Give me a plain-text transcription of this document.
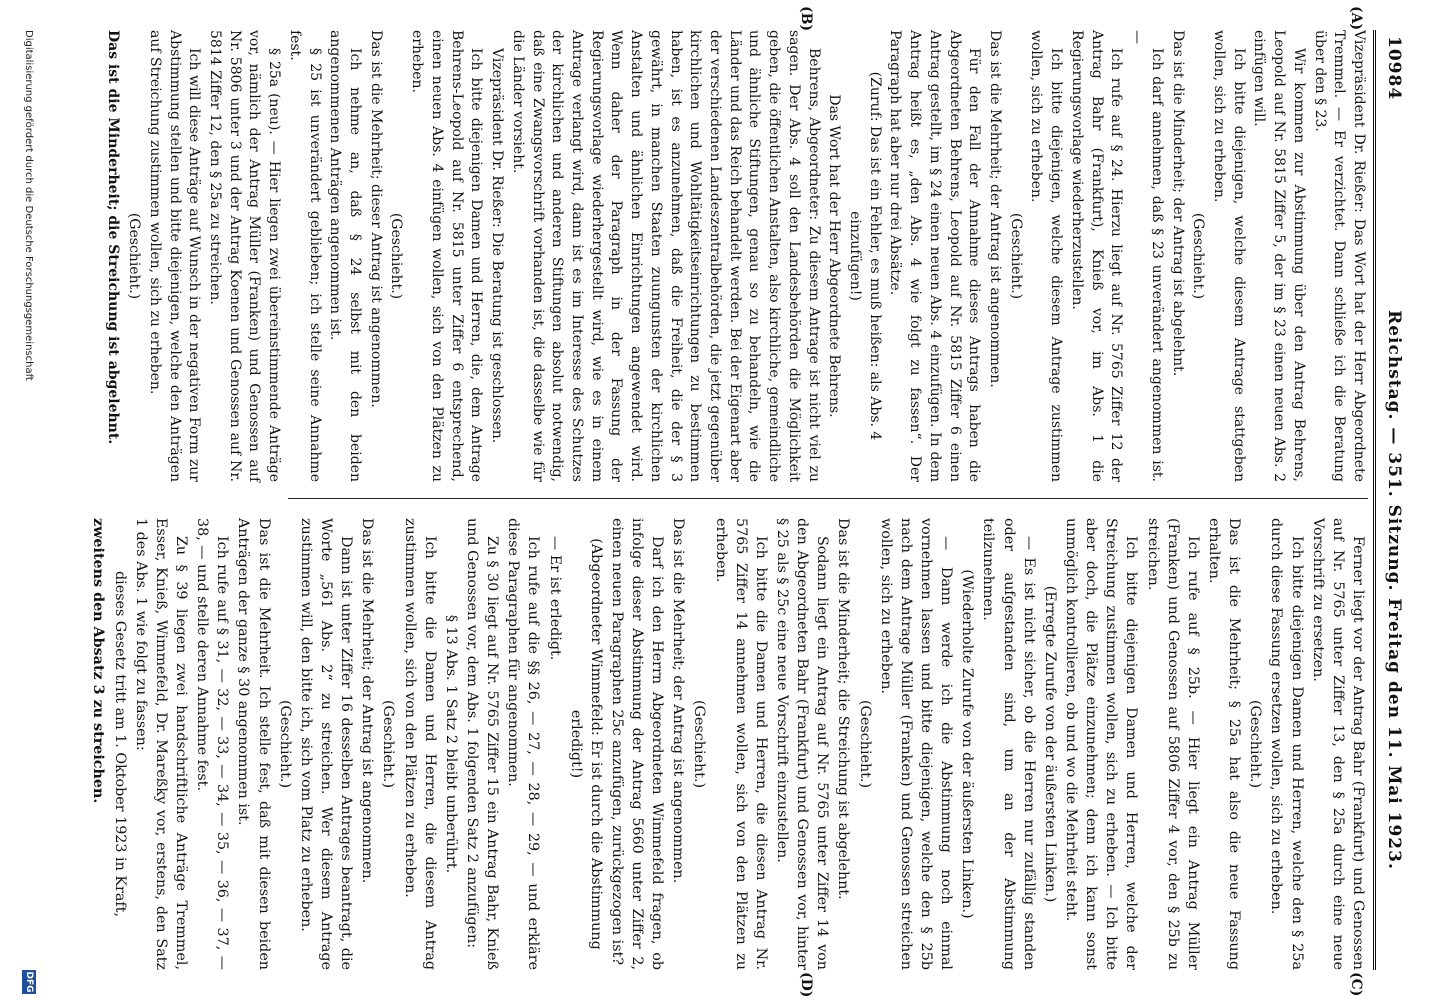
10984
Reichstag. — 351. Sitzung. Freitag den 11. Mai 1923.
(A)
(B)
(C)
(D)

Vizepräsident Dr. Rießer: Das Wort hat der Herr Abgeordnete Tremmel. — Er verzichtet. Dann schließe ich die Beratung über den § 23.

Wir kommen zur Abstimmung über den Antrag Behrens, Leopold auf Nr. 5815 Ziffer 5, der im § 23 einen neuen Abs. 2 einfügen will.

Ich bitte diejenigen, welche diesem Antrage stattgeben wollen, sich zu erheben.

(Geschieht.)

Das ist die Minderheit; der Antrag ist abgelehnt.

Ich darf annehmen, daß § 23 unverändert angenommen ist. —

Ich rufe auf § 24. Hierzu liegt auf Nr. 5765 Ziffer 12 der Antrag Bahr (Frankfurt), Knieß vor, im Abs. 1 die Regierungsvorlage wiederherzustellen.

Ich bitte diejenigen, welche diesem Antrage zustimmen wollen, sich zu erheben.

(Geschieht.)

Das ist die Mehrheit; der Antrag ist angenommen.

Für den Fall der Annahme dieses Antrags haben die Abgeordneten Behrens, Leopold auf Nr. 5815 Ziffer 6 einen Antrag gestellt, im § 24 einen neuen Abs. 4 einzufügen. In dem Antrag heißt es, „den Abs. 4 wie folgt zu fassen“. Der Paragraph hat aber nur drei Absätze.

(Zuruf: Das ist ein Fehler, es muß heißen: als Abs. 4 einzufügen!)

Das Wort hat der Herr Abgeordnete Behrens.

Behrens, Abgeordneter: Zu diesem Antrage ist nicht viel zu sagen. Der Abs. 4 soll den Landesbehörden die Möglichkeit geben, die öffentlichen Anstalten, also kirchliche, gemeindliche und ähnliche Stiftungen, genau so zu behandeln, wie die Länder und das Reich behandelt werden. Bei der Eigenart aber der verschiedenen Landeszentralbehörden, die jetzt gegenüber kirchlichen und Wohltätigkeitseinrichtungen zu bestimmen haben, ist es anzunehmen, daß die Freiheit, die der § 3 gewährt, in manchen Staaten zuungunsten der kirchlichen Anstalten und ähnlichen Einrichtungen angewendet wird. Wenn daher der Paragraph in der Fassung der Regierungsvorlage wiederhergestellt wird, wie es in einem Antrage verlangt wird, dann ist es im Interesse des Schutzes der kirchlichen und anderen Stiftungen absolut notwendig, daß eine Zwangsvorschrift vorhanden ist, die dasselbe wie für die Länder vorsieht.

Vizepräsident Dr. Rießer: Die Beratung ist geschlossen.

Ich bitte diejenigen Damen und Herren, die, dem Antrage Behrens-Leopold auf Nr. 5815 unter Ziffer 6 entsprechend, einen neuen Abs. 4 einfügen wollen, sich von den Plätzen zu erheben.

(Geschieht.)

Das ist die Mehrheit; dieser Antrag ist angenommen.

Ich nehme an, daß § 24 selbst mit den beiden angenommenen Anträgen angenommen ist.

§ 25 ist unverändert geblieben; ich stelle seine Annahme fest.

§ 25a (neu). — Hier liegen zwei übereinstimmende Anträge vor, nämlich der Antrag Müller (Franken) und Genossen auf Nr. 5806 unter 3 und der Antrag Koenen und Genossen auf Nr. 5814 Ziffer 12, den § 25a zu streichen.

Ich will diese Anträge auf Wunsch in der negativen Form zur Abstimmung stellen und bitte diejenigen, welche den Anträgen auf Streichung zustimmen wollen, sich zu erheben.

(Geschieht.)

Das ist die Minderheit; die Streichung ist abgelehnt.

Ferner liegt vor der Antrag Bahr (Frankfurt) und Genossen auf Nr. 5765 unter Ziffer 13, den § 25a durch eine neue Vorschrift zu ersetzen.

Ich bitte diejenigen Damen und Herren, welche den § 25a durch diese Fassung ersetzen wollen, sich zu erheben.

(Geschieht.)

Das ist die Mehrheit; § 25a hat also die neue Fassung erhalten.

Ich rufe auf § 25b. — Hier liegt ein Antrag Müller (Franken) und Genossen auf 5806 Ziffer 4 vor, den § 25b zu streichen.

Ich bitte diejenigen Damen und Herren, welche der Streichung zustimmen wollen, sich zu erheben. — Ich bitte aber doch, die Plätze einzunehmen; denn ich kann sonst unmöglich kontrollieren, ob und wo die Mehrheit steht.

(Erregte Zurufe von der äußersten Linken.)

— Es ist nicht sicher, ob die Herren nur zufällig standen oder aufgestanden sind, um an der Abstimmung teilzunehmen.

(Wiederholte Zurufe von der äußersten Linken.)

— Dann werde ich die Abstimmung noch einmal vornehmen lassen und bitte diejenigen, welche den § 25b nach dem Antrage Müller (Franken) und Genossen streichen wollen, sich zu erheben.

(Geschieht.)

Das ist die Minderheit; die Streichung ist abgelehnt.

Sodann liegt ein Antrag auf Nr. 5765 unter Ziffer 14 von den Abgeordneten Bahr (Frankfurt) und Genossen vor, hinter § 25 als § 25c eine neue Vorschrift einzustellen.

Ich bitte die Damen und Herren, die diesen Antrag Nr. 5765 Ziffer 14 annehmen wollen, sich von den Plätzen zu erheben.

(Geschieht.)

Das ist die Mehrheit; der Antrag ist angenommen.

Darf ich den Herrn Abgeordneten Wimmefeld fragen, ob infolge dieser Abstimmung der Antrag 5660 unter Ziffer 2, einen neuen Paragraphen 25c anzufügen, zurückgezogen ist?

(Abgeordneter Wimmefeld: Er ist durch die Abstimmung erledigt!)

— Er ist erledigt.

Ich rufe auf die §§ 26, — 27, — 28, — 29, — und erkläre diese Paragraphen für angenommen.

Zu § 30 liegt auf Nr. 5765 Ziffer 15 ein Antrag Bahr, Knieß und Genossen vor, dem Abs. 1 folgenden Satz 2 anzufügen:

§ 13 Abs. 1 Satz 2 bleibt unberührt.

Ich bitte die Damen und Herren, die diesem Antrag zustimmen wollen, sich von den Plätzen zu erheben.

(Geschieht.)

Das ist die Mehrheit; der Antrag ist angenommen.

Dann ist unter Ziffer 16 desselben Antrages beantragt, die Worte „561 Abs. 2“ zu streichen. Wer diesem Antrage zustimmen will, den bitte ich, sich vom Platz zu erheben.

(Geschieht.)

Das ist die Mehrheit. Ich stelle fest, daß mit diesen beiden Anträgen der ganze § 30 angenommen ist.

Ich rufe auf § 31, — 32, — 33, — 34, — 35, — 36, — 37, — 38, — und stelle deren Annahme fest.

Zu § 39 liegen zwei handschriftliche Anträge Tremmel, Esser, Knieß, Wimmefeld, Dr. Mareßky vor, erstens, den Satz 1 des Abs. 1 wie folgt zu fassen:

dieses Gesetz tritt am 1. Oktober 1923 in Kraft,

zweitens den Absatz 3 zu streichen.

Digitalisierung gefördert durch die Deutsche Forschungsgemeinschaft
DFG
